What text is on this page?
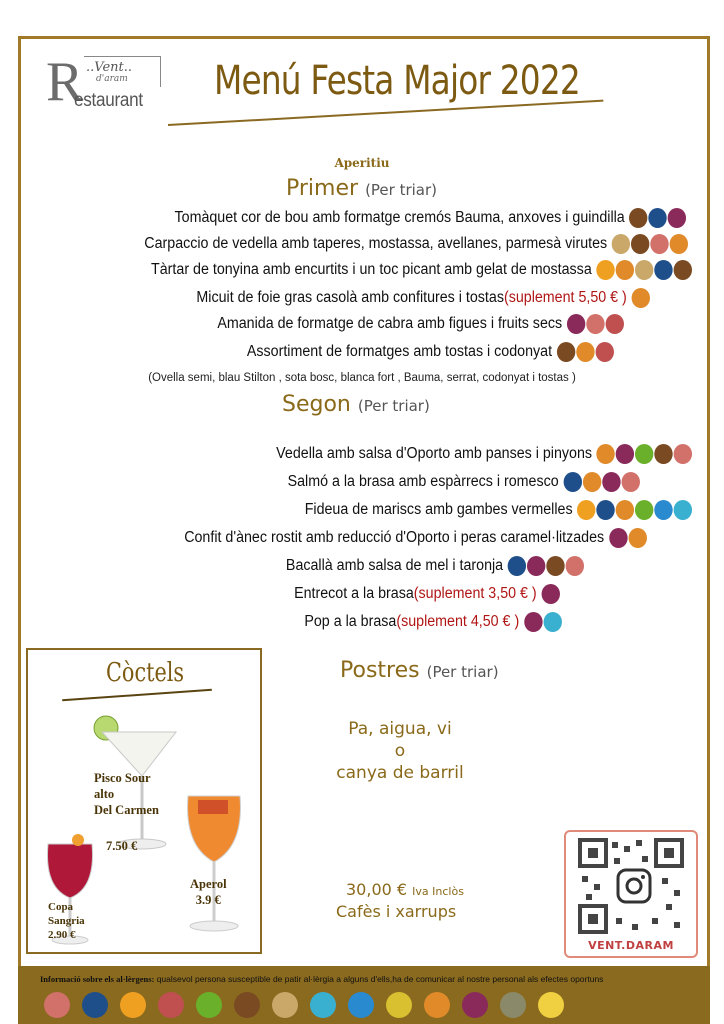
R ..Vent..
d'aram
estaurant Menú Festa Major 2022
Aperitiu
Primer (Per triar)
Tomàquet cor de bou amb formatge cremós Bauma, anxoves i guindilla
Carpaccio de vedella amb taperes, mostassa, avellanes, parmesà virutes
Tàrtar de tonyina amb encurtits i un toc picant amb gelat de mostassa
Micuit de foie gras casolà amb confitures i tostas (suplement 5,50 € )
Amanida de formatge de cabra amb figues i fruits secs
Assortiment de formatges amb tostas i codonyat
(Ovella semi, blau Stilton , sota bosc, blanca fort , Bauma, serrat, codonyat i tostas )
Segon (Per triar)
Vedella amb salsa d'Oporto amb panses i pinyons
Salmó a la brasa amb espàrrecs i romesco
Fideua de mariscs amb gambes vermelles
Confit d'ànec rostit amb reducció d'Oporto i peras caramel·litzades
Bacallà amb salsa de mel i taronja
Entrecot a la brasa (suplement 3,50 € )
Pop a la brasa (suplement 4,50 € )
Còctels
Pisco Sour
alto
Del Carmen
7.50 €
Aperol
3.9 €
Copa
Sangria
2.90 €
Postres (Per triar)
Pa, aigua, vi
o
canya de barril
30,00 € Iva Inclòs
Cafès i xarrups
VENT.DARAM
Informació sobre els al·lèrgens: qualsevol persona susceptible de patir al·lèrgia a alguns d'ells,ha de comunicar al nostre personal als efectes oportuns
